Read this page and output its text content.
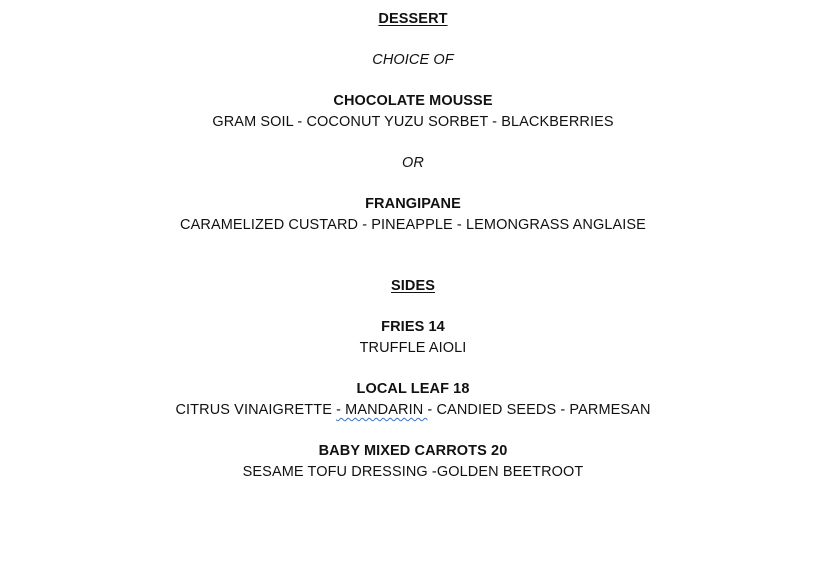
DESSERT
CHOICE OF
CHOCOLATE MOUSSE
GRAM SOIL - COCONUT YUZU SORBET - BLACKBERRIES
OR
FRANGIPANE
CARAMELIZED CUSTARD - PINEAPPLE - LEMONGRASS ANGLAISE
SIDES
FRIES 14
TRUFFLE AIOLI
LOCAL LEAF 18
CITRUS VINAIGRETTE - MANDARIN - CANDIED SEEDS - PARMESAN
BABY MIXED CARROTS 20
SESAME TOFU DRESSING -GOLDEN BEETROOT
